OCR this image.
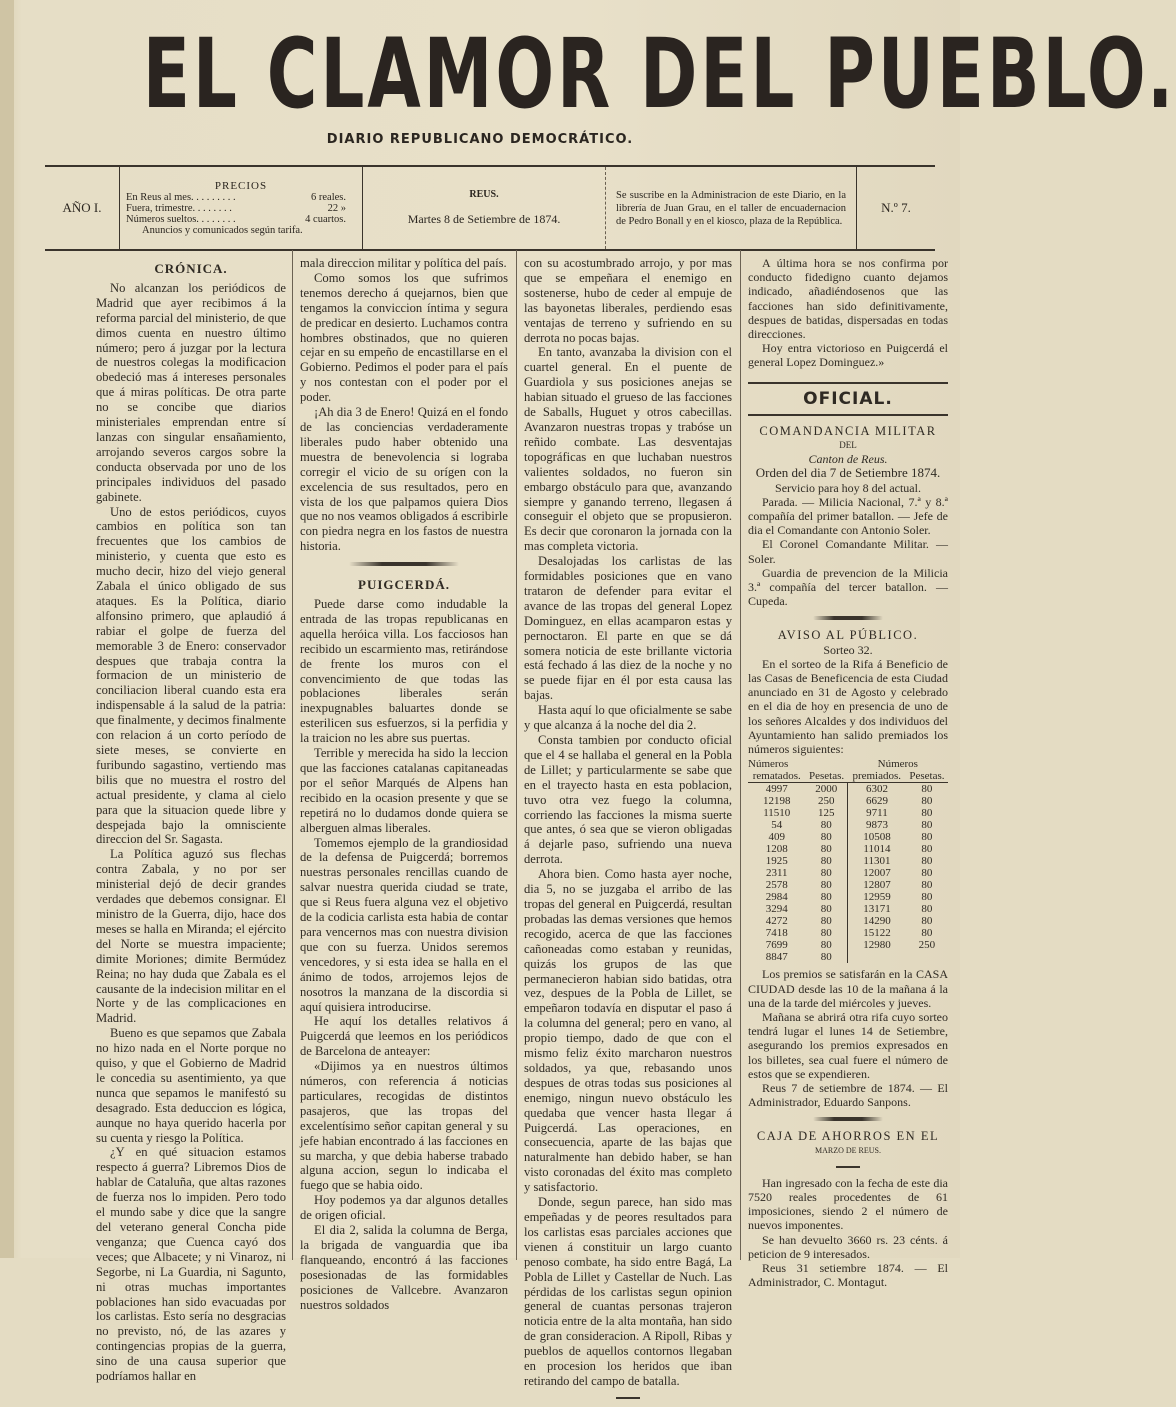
EL CLAMOR DEL PUEBLO.
DIARIO REPUBLICANO DEMOCRÁTICO.
AÑO I.
PRECIOS
En Reus al mes. . . . . . . . .	6 reales.
Fuera, trimestre. . . . . . . .	22 »
Números sueltos. . . . . . . .	4 cuartos.
Anuncios y comunicados según tarifa.
REUS.
Martes 8 de Setiembre de 1874.
Se suscribe en la Administracion de este Diario, en la librería de Juan Grau, en el taller de encuadernacion de Pedro Bonall y en el kiosco, plaza de la República.
N.º 7.
CRÓNICA.

No alcanzan los periódicos de Madrid que ayer recibimos á la reforma parcial del ministerio, de que dimos cuenta en nuestro último número; pero á juzgar por la lectura de nuestros colegas la modificacion obedeció mas á intereses personales que á miras políticas. De otra parte no se concibe que diarios ministeriales emprendan entre sí lanzas con singular ensañamiento, arrojando severos cargos sobre la conducta observada por uno de los principales individuos del pasado gabinete.

Uno de estos periódicos, cuyos cambios en política son tan frecuentes que los cambios de ministerio, y cuenta que esto es mucho decir, hizo del viejo general Zabala el único obligado de sus ataques. Es la Política, diario alfonsino primero, que aplaudió á rabiar el golpe de fuerza del memorable 3 de Enero: conservador despues que trabaja contra la formacion de un ministerio de conciliacion liberal cuando esta era indispensable á la salud de la patria: que finalmente, y decimos finalmente con relacion á un corto período de siete meses, se convierte en furibundo sagastino, vertiendo mas bilis que no muestra el rostro del actual presidente, y clama al cielo para que la situacion quede libre y despejada bajo la omnisciente direccion del Sr. Sagasta.

La Política aguzó sus flechas contra Zabala, y no por ser ministerial dejó de decir grandes verdades que debemos consignar. El ministro de la Guerra, dijo, hace dos meses se halla en Miranda; el ejército del Norte se muestra impaciente; dimite Moriones; dimite Bermúdez Reina; no hay duda que Zabala es el causante de la indecision militar en el Norte y de las complicaciones en Madrid.

Bueno es que sepamos que Zabala no hizo nada en el Norte porque no quiso, y que el Gobierno de Madrid le concedia su asentimiento, ya que nunca que sepamos le manifestó su desagrado. Esta deduccion es lógica, aunque no haya querido hacerla por su cuenta y riesgo la Política.

¿Y en qué situacion estamos respecto á guerra? Libremos Dios de hablar de Cataluña, que altas razones de fuerza nos lo impiden. Pero todo el mundo sabe y dice que la sangre del veterano general Concha pide venganza; que Cuenca cayó dos veces; que Albacete; y ni Vinaroz, ni Segorbe, ni La Guardia, ni Sagunto, ni otras muchas importantes poblaciones han sido evacuadas por los carlistas. Esto sería no desgracias no previsto, nó, de las azares y contingencias propias de la guerra, sino de una causa superior que podríamos hallar en

mala direccion militar y política del país.

Como somos los que sufrimos tenemos derecho á quejarnos, bien que tengamos la conviccion íntima y segura de predicar en desierto. Luchamos contra hombres obstinados, que no quieren cejar en su empeño de encastillarse en el Gobierno. Pedimos el poder para el país y nos contestan con el poder por el poder.

¡Ah dia 3 de Enero! Quizá en el fondo de las conciencias verdaderamente liberales pudo haber obtenido una muestra de benevolencia si lograba corregir el vicio de su orígen con la excelencia de sus resultados, pero en vista de los que palpamos quiera Dios que no nos veamos obligados á escribirle con piedra negra en los fastos de nuestra historia.

PUIGCERDÁ.

Puede darse como indudable la entrada de las tropas republicanas en aquella heróica villa. Los facciosos han recibido un escarmiento mas, retirándose de frente los muros con el convencimiento de que todas las poblaciones liberales serán inexpugnables baluartes donde se esterilicen sus esfuerzos, si la perfidia y la traicion no les abre sus puertas.

Terrible y merecida ha sido la leccion que las facciones catalanas capitaneadas por el señor Marqués de Alpens han recibido en la ocasion presente y que se repetirá no lo dudamos donde quiera se alberguen almas liberales.

Tomemos ejemplo de la grandiosidad de la defensa de Puigcerdá; borremos nuestras personales rencillas cuando de salvar nuestra querida ciudad se trate, que si Reus fuera alguna vez el objetivo de la codicia carlista esta habia de contar para vencernos mas con nuestra division que con su fuerza. Unidos seremos vencedores, y si esta idea se halla en el ánimo de todos, arrojemos lejos de nosotros la manzana de la discordia si aquí quisiera introducirse.

He aquí los detalles relativos á Puigcerdá que leemos en los periódicos de Barcelona de anteayer:

«Dijimos ya en nuestros últimos números, con referencia á noticias particulares, recogidas de distintos pasajeros, que las tropas del excelentísimo señor capitan general y su jefe habian encontrado á las facciones en su marcha, y que debia haberse trabado alguna accion, segun lo indicaba el fuego que se habia oido.

Hoy podemos ya dar algunos detalles de origen oficial.

El dia 2, salida la columna de Berga, la brigada de vanguardia que iba flanqueando, encontró á las facciones posesionadas de las formidables posiciones de Vallcebre. Avanzaron nuestros soldados

con su acostumbrado arrojo, y por mas que se empeñara el enemigo en sostenerse, hubo de ceder al empuje de las bayonetas liberales, perdiendo esas ventajas de terreno y sufriendo en su derrota no pocas bajas.

En tanto, avanzaba la division con el cuartel general. En el puente de Guardiola y sus posiciones anejas se habian situado el grueso de las facciones de Saballs, Huguet y otros cabecillas. Avanzaron nuestras tropas y trabóse un reñido combate. Las desventajas topográficas en que luchaban nuestros valientes soldados, no fueron sin embargo obstáculo para que, avanzando siempre y ganando terreno, llegasen á conseguir el objeto que se propusieron. Es decir que coronaron la jornada con la mas completa victoria.

Desalojadas los carlistas de las formidables posiciones que en vano trataron de defender para evitar el avance de las tropas del general Lopez Dominguez, en ellas acamparon estas y pernoctaron. El parte en que se dá somera noticia de este brillante victoria está fechado á las diez de la noche y no se puede fijar en él por esta causa las bajas.

Hasta aquí lo que oficialmente se sabe y que alcanza á la noche del dia 2.

Consta tambien por conducto oficial que el 4 se hallaba el general en la Pobla de Lillet; y particularmente se sabe que en el trayecto hasta en esta poblacion, tuvo otra vez fuego la columna, corriendo las facciones la misma suerte que antes, ó sea que se vieron obligadas á dejarle paso, sufriendo una nueva derrota.

Ahora bien. Como hasta ayer noche, dia 5, no se juzgaba el arribo de las tropas del general en Puigcerdá, resultan probadas las demas versiones que hemos recogido, acerca de que las facciones cañoneadas como estaban y reunidas, quizás los grupos de las que permanecieron habian sido batidas, otra vez, despues de la Pobla de Lillet, se empeñaron todavía en disputar el paso á la columna del general; pero en vano, al propio tiempo, dado de que con el mismo feliz éxito marcharon nuestros soldados, ya que, rebasando unos despues de otras todas sus posiciones al enemigo, ningun nuevo obstáculo les quedaba que vencer hasta llegar á Puigcerdá. Las operaciones, en consecuencia, aparte de las bajas que naturalmente han debido haber, se han visto coronadas del éxito mas completo y satisfactorio.

Donde, segun parece, han sido mas empeñadas y de peores resultados para los carlistas esas parciales acciones que vienen á constituir un largo cuanto penoso combate, ha sido entre Bagá, La Pobla de Lillet y Castellar de Nuch. Las pérdidas de los carlistas segun opinion general de cuantas personas trajeron noticia entre de la alta montaña, han sido de gran consideracion. A Ripoll, Ribas y pueblos de aquellos contornos llegaban en procesion los heridos que iban retirando del campo de batalla.

A última hora se nos confirma por conducto fidedigno cuanto dejamos indicado, añadiéndosenos que las facciones han sido definitivamente, despues de batidas, dispersadas en todas direcciones.

Hoy entra victorioso en Puigcerdá el general Lopez Dominguez.»

OFICIAL.

COMANDANCIA MILITAR

DEL

Canton de Reus.

Orden del dia 7 de Setiembre 1874.

Servicio para hoy 8 del actual.

Parada. — Milicia Nacional, 7.ª y 8.ª compañía del primer batallon. — Jefe de dia el Comandante con Antonio Soler.

El Coronel Comandante Militar. — Soler.

Guardia de prevencion de la Milicia 3.ª compañía del tercer batallon. — Cupeda.

AVISO AL PÚBLICO.

Sorteo 32.

En el sorteo de la Rifa á Beneficio de las Casas de Beneficencia de esta Ciudad anunciado en 31 de Agosto y celebrado en el dia de hoy en presencia de uno de los señores Alcaldes y dos individuos del Ayuntamiento han salido premiados los números siguientes:

Números		Números	
rematados.	Pesetas.	premiados.	Pesetas.
4997	2000	6302	80
12198	250	6629	80
11510	125	9711	80
54	80	9873	80
409	80	10508	80
1208	80	11014	80
1925	80	11301	80
2311	80	12007	80
2578	80	12807	80
2984	80	12959	80
3294	80	13171	80
4272	80	14290	80
7418	80	15122	80
7699	80	12980	250
8847	80		

Los premios se satisfarán en la CASA CIUDAD desde las 10 de la mañana á la una de la tarde del miércoles y jueves.

Mañana se abrirá otra rifa cuyo sorteo tendrá lugar el lunes 14 de Setiembre, asegurando los premios expresados en los billetes, sea cual fuere el número de estos que se expendieren.

Reus 7 de setiembre de 1874. — El Administrador, Eduardo Sanpons.

CAJA DE AHORROS EN EL

MARZO DE REUS.

Han ingresado con la fecha de este dia 7520 reales procedentes de 61 imposiciones, siendo 2 el número de nuevos imponentes.

Se han devuelto 3660 rs. 23 cénts. á peticion de 9 interesados.

Reus 31 setiembre 1874. — El Administrador, C. Montagut.
